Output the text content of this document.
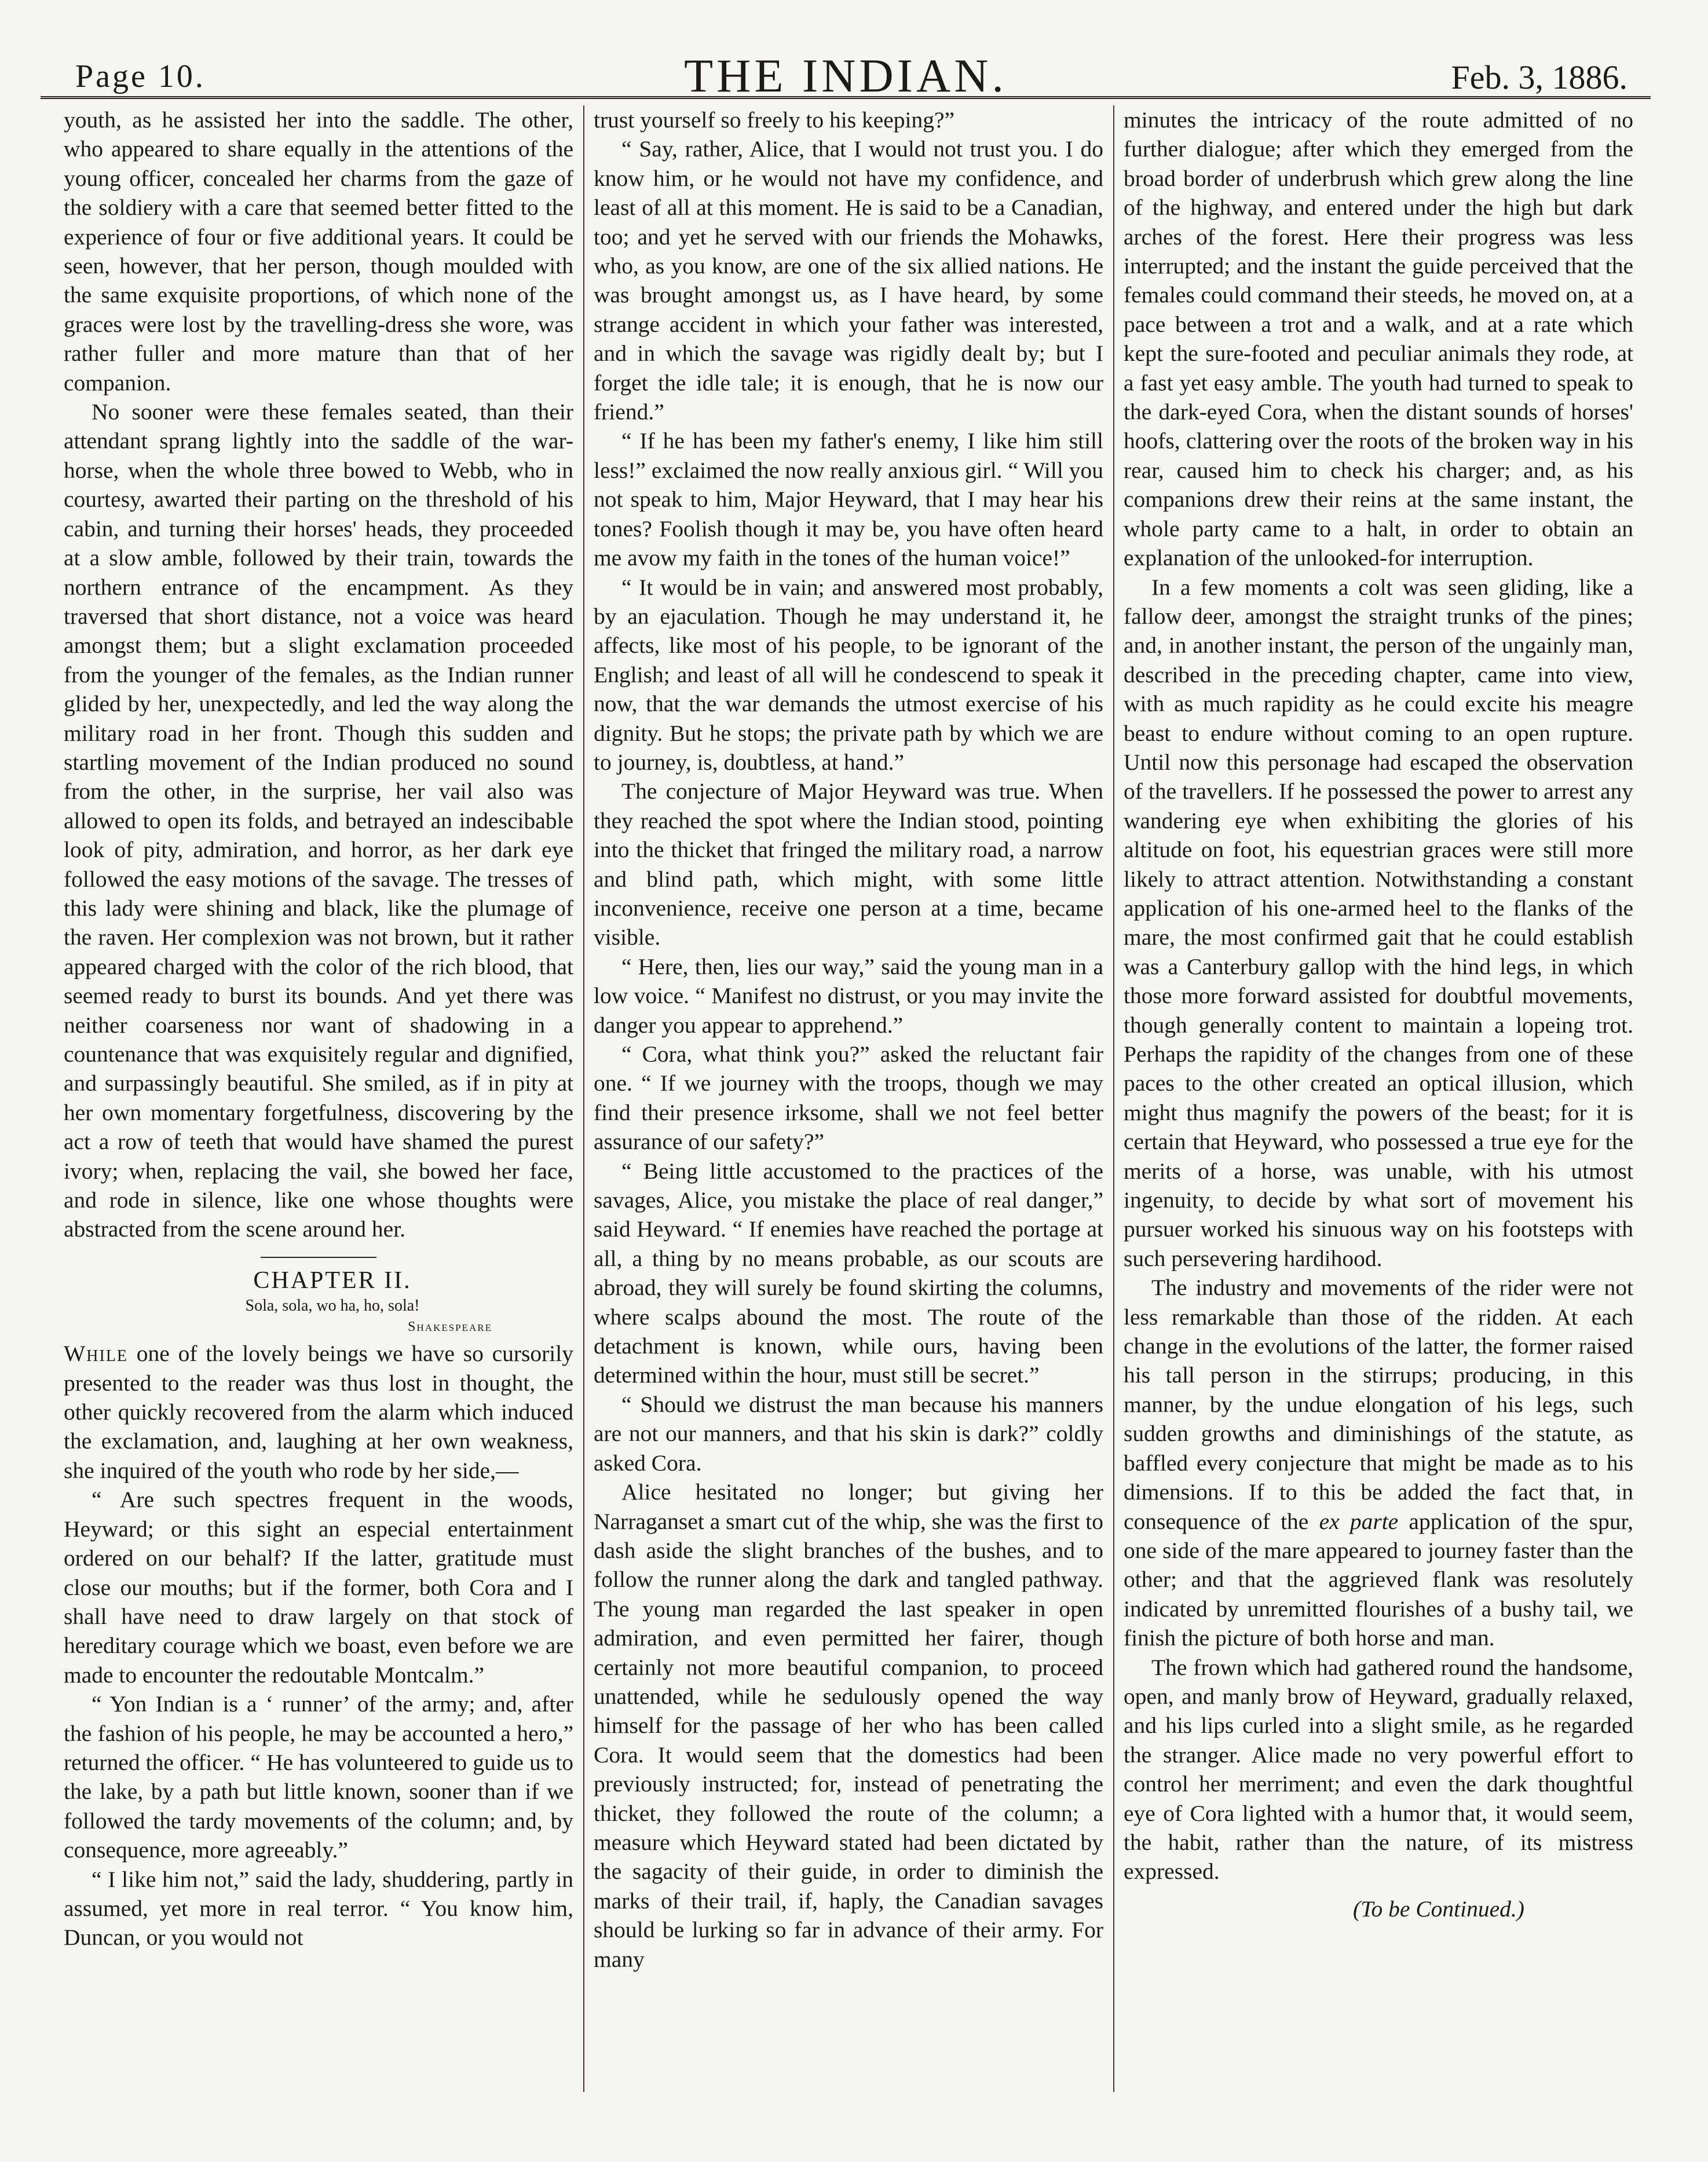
Page 10.	THE INDIAN.	Feb. 3, 1886.

youth, as he assisted her into the saddle. The other, who appeared to share equally in the attentions of the young officer, concealed her charms from the gaze of the soldiery with a care that seemed better fitted to the experience of four or five additional years. It could be seen, however, that her person, though moulded with the same exquisite proportions, of which none of the graces were lost by the travelling-dress she wore, was rather fuller and more mature than that of her companion.

No sooner were these females seated, than their attendant sprang lightly into the saddle of the war-horse, when the whole three bowed to Webb, who in courtesy, awarted their parting on the threshold of his cabin, and turning their horses' heads, they proceeded at a slow amble, followed by their train, towards the northern entrance of the encampment. As they traversed that short distance, not a voice was heard amongst them; but a slight exclamation proceeded from the younger of the females, as the Indian runner glided by her, unexpectedly, and led the way along the military road in her front. Though this sudden and startling movement of the Indian produced no sound from the other, in the surprise, her vail also was allowed to open its folds, and betrayed an indescibable look of pity, admiration, and horror, as her dark eye followed the easy motions of the savage. The tresses of this lady were shining and black, like the plumage of the raven. Her complexion was not brown, but it rather appeared charged with the color of the rich blood, that seemed ready to burst its bounds. And yet there was neither coarseness nor want of shadowing in a countenance that was exquisitely regular and dignified, and surpassingly beautiful. She smiled, as if in pity at her own momentary forgetfulness, discovering by the act a row of teeth that would have shamed the purest ivory; when, replacing the vail, she bowed her face, and rode in silence, like one whose thoughts were abstracted from the scene around her.

CHAPTER II.

Sola, sola, wo ha, ho, sola!

Shakespeare

While one of the lovely beings we have so cursorily presented to the reader was thus lost in thought, the other quickly recovered from the alarm which induced the exclamation, and, laughing at her own weakness, she inquired of the youth who rode by her side,—

“ Are such spectres frequent in the woods, Heyward; or this sight an especial entertainment ordered on our behalf? If the latter, gratitude must close our mouths; but if the former, both Cora and I shall have need to draw largely on that stock of hereditary courage which we boast, even before we are made to encounter the redoutable Montcalm.”

“ Yon Indian is a ‘ runner’ of the army; and, after the fashion of his people, he may be accounted a hero,” returned the officer. “ He has volunteered to guide us to the lake, by a path but little known, sooner than if we followed the tardy movements of the column; and, by consequence, more agreeably.”

“ I like him not,” said the lady, shuddering, partly in assumed, yet more in real terror. “ You know him, Duncan, or you would not

trust yourself so freely to his keeping?”

“ Say, rather, Alice, that I would not trust you. I do know him, or he would not have my confidence, and least of all at this moment. He is said to be a Canadian, too; and yet he served with our friends the Mohawks, who, as you know, are one of the six allied nations. He was brought amongst us, as I have heard, by some strange accident in which your father was interested, and in which the savage was rigidly dealt by; but I forget the idle tale; it is enough, that he is now our friend.”

“ If he has been my father's enemy, I like him still less!” exclaimed the now really anxious girl. “ Will you not speak to him, Major Heyward, that I may hear his tones? Foolish though it may be, you have often heard me avow my faith in the tones of the human voice!”

“ It would be in vain; and answered most probably, by an ejaculation. Though he may understand it, he affects, like most of his people, to be ignorant of the English; and least of all will he condescend to speak it now, that the war demands the utmost exercise of his dignity. But he stops; the private path by which we are to journey, is, doubtless, at hand.”

The conjecture of Major Heyward was true. When they reached the spot where the Indian stood, pointing into the thicket that fringed the military road, a narrow and blind path, which might, with some little inconvenience, receive one person at a time, became visible.

“ Here, then, lies our way,” said the young man in a low voice. “ Manifest no distrust, or you may invite the danger you appear to apprehend.”

“ Cora, what think you?” asked the reluctant fair one. “ If we journey with the troops, though we may find their presence irksome, shall we not feel better assurance of our safety?”

“ Being little accustomed to the practices of the savages, Alice, you mistake the place of real danger,” said Heyward. “ If enemies have reached the portage at all, a thing by no means probable, as our scouts are abroad, they will surely be found skirting the columns, where scalps abound the most. The route of the detachment is known, while ours, having been determined within the hour, must still be secret.”

“ Should we distrust the man because his manners are not our manners, and that his skin is dark?” coldly asked Cora.

Alice hesitated no longer; but giving her Narraganset a smart cut of the whip, she was the first to dash aside the slight branches of the bushes, and to follow the runner along the dark and tangled pathway. The young man regarded the last speaker in open admiration, and even permitted her fairer, though certainly not more beautiful companion, to proceed unattended, while he sedulously opened the way himself for the passage of her who has been called Cora. It would seem that the domestics had been previously instructed; for, instead of penetrating the thicket, they followed the route of the column; a measure which Heyward stated had been dictated by the sagacity of their guide, in order to diminish the marks of their trail, if, haply, the Canadian savages should be lurking so far in advance of their army. For many

minutes the intricacy of the route admitted of no further dialogue; after which they emerged from the broad border of underbrush which grew along the line of the highway, and entered under the high but dark arches of the forest. Here their progress was less interrupted; and the instant the guide perceived that the females could command their steeds, he moved on, at a pace between a trot and a walk, and at a rate which kept the sure-footed and peculiar animals they rode, at a fast yet easy amble. The youth had turned to speak to the dark-eyed Cora, when the distant sounds of horses' hoofs, clattering over the roots of the broken way in his rear, caused him to check his charger; and, as his companions drew their reins at the same instant, the whole party came to a halt, in order to obtain an explanation of the unlooked-for interruption.

In a few moments a colt was seen gliding, like a fallow deer, amongst the straight trunks of the pines; and, in another instant, the person of the ungainly man, described in the preceding chapter, came into view, with as much rapidity as he could excite his meagre beast to endure without coming to an open rupture. Until now this personage had escaped the observation of the travellers. If he possessed the power to arrest any wandering eye when exhibiting the glories of his altitude on foot, his equestrian graces were still more likely to attract attention. Notwithstanding a constant application of his one-armed heel to the flanks of the mare, the most confirmed gait that he could establish was a Canterbury gallop with the hind legs, in which those more forward assisted for doubtful movements, though generally content to maintain a lopeing trot. Perhaps the rapidity of the changes from one of these paces to the other created an optical illusion, which might thus magnify the powers of the beast; for it is certain that Heyward, who possessed a true eye for the merits of a horse, was unable, with his utmost ingenuity, to decide by what sort of movement his pursuer worked his sinuous way on his footsteps with such persevering hardihood.

The industry and movements of the rider were not less remarkable than those of the ridden. At each change in the evolutions of the latter, the former raised his tall person in the stirrups; producing, in this manner, by the undue elongation of his legs, such sudden growths and diminishings of the statute, as baffled every conjecture that might be made as to his dimensions. If to this be added the fact that, in consequence of the ex parte application of the spur, one side of the mare appeared to journey faster than the other; and that the aggrieved flank was resolutely indicated by unremitted flourishes of a bushy tail, we finish the picture of both horse and man.

The frown which had gathered round the handsome, open, and manly brow of Heyward, gradually relaxed, and his lips curled into a slight smile, as he regarded the stranger. Alice made no very powerful effort to control her merriment; and even the dark thoughtful eye of Cora lighted with a humor that, it would seem, the habit, rather than the nature, of its mistress expressed.

(To be Continued.)
